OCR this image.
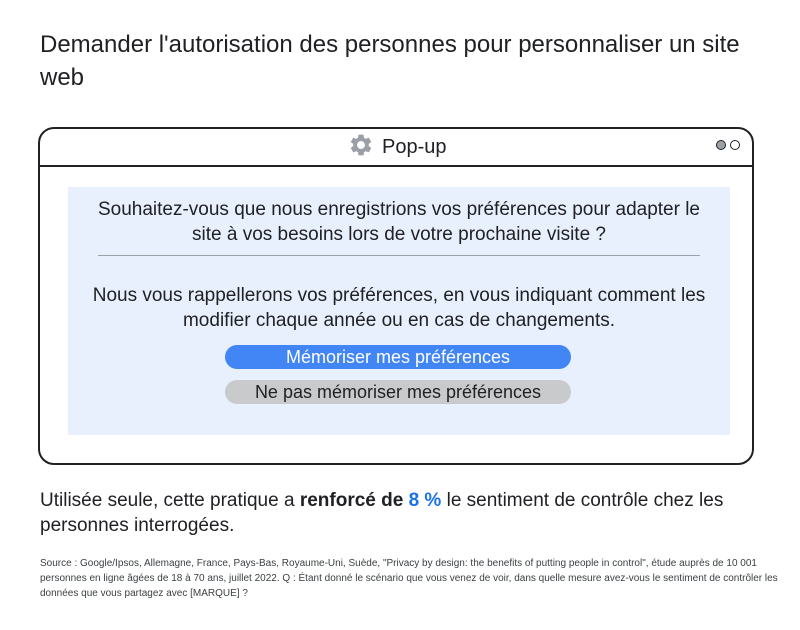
Demander l'autorisation des personnes pour personnaliser un site web
Pop-up
Souhaitez-vous que nous enregistrions vos préférences pour adapter le site à vos besoins lors de votre prochaine visite ?
Nous vous rappellerons vos préférences, en vous indiquant comment les modifier chaque année ou en cas de changements.
Mémoriser mes préférences
Ne pas mémoriser mes préférences
Utilisée seule, cette pratique a renforcé de 8 % le sentiment de contrôle chez les personnes interrogées.
Source : Google/Ipsos, Allemagne, France, Pays-Bas, Royaume-Uni, Suède, "Privacy by design: the benefits of putting people in control", étude auprès de 10 001 personnes en ligne âgées de 18 à 70 ans, juillet 2022. Q : Étant donné le scénario que vous venez de voir, dans quelle mesure avez-vous le sentiment de contrôler les données que vous partagez avec [MARQUE] ?
